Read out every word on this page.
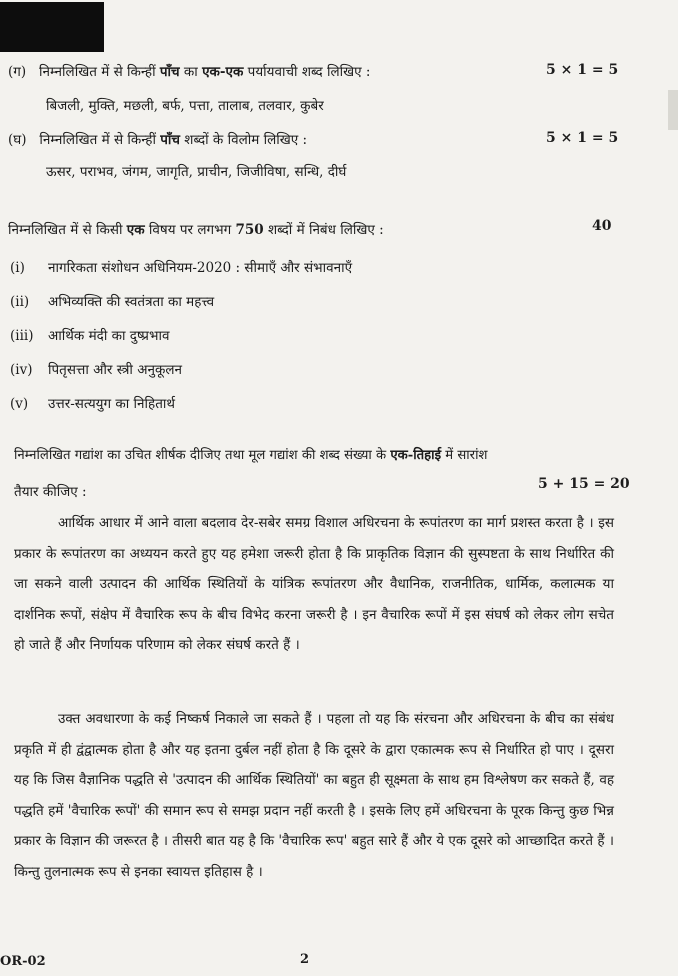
(ग) निम्नलिखित में से किन्हीं पाँच का एक-एक पर्यायवाची शब्द लिखिए :	5 × 1 = 5
बिजली, मुक्ति, मछली, बर्फ, पत्ता, तालाब, तलवार, कुबेर
(घ) निम्नलिखित में से किन्हीं पाँच शब्दों के विलोम लिखिए :	5 × 1 = 5
ऊसर, पराभव, जंगम, जागृति, प्राचीन, जिजीविषा, सन्धि, दीर्घ
निम्नलिखित में से किसी एक विषय पर लगभग 750 शब्दों में निबंध लिखिए :	40
(i) नागरिकता संशोधन अधिनियम-2020 : सीमाएँ और संभावनाएँ
(ii) अभिव्यक्ति की स्वतंत्रता का महत्त्व
(iii) आर्थिक मंदी का दुष्प्रभाव
(iv) पितृसत्ता और स्त्री अनुकूलन
(v) उत्तर-सत्ययुग का निहितार्थ
निम्नलिखित गद्यांश का उचित शीर्षक दीजिए तथा मूल गद्यांश की शब्द संख्या के एक-तिहाई में सारांश
तैयार कीजिए :	5 + 15 = 20

आर्थिक आधार में आने वाला बदलाव देर-सबेर समग्र विशाल अधिरचना के रूपांतरण का मार्ग प्रशस्त करता है । इस प्रकार के रूपांतरण का अध्ययन करते हुए यह हमेशा जरूरी होता है कि प्राकृतिक विज्ञान की सुस्पष्टता के साथ निर्धारित की जा सकने वाली उत्पादन की आर्थिक स्थितियों के यांत्रिक रूपांतरण और वैधानिक, राजनीतिक, धार्मिक, कलात्मक या दार्शनिक रूपों, संक्षेप में वैचारिक रूप के बीच विभेद करना जरूरी है । इन वैचारिक रूपों में इस संघर्ष को लेकर लोग सचेत हो जाते हैं और निर्णायक परिणाम को लेकर संघर्ष करते हैं ।

उक्त अवधारणा के कई निष्कर्ष निकाले जा सकते हैं । पहला तो यह कि संरचना और अधिरचना के बीच का संबंध प्रकृति में ही द्वंद्वात्मक होता है और यह इतना दुर्बल नहीं होता है कि दूसरे के द्वारा एकात्मक रूप से निर्धारित हो पाए । दूसरा यह कि जिस वैज्ञानिक पद्धति से 'उत्पादन की आर्थिक स्थितियों' का बहुत ही सूक्ष्मता के साथ हम विश्लेषण कर सकते हैं, वह पद्धति हमें 'वैचारिक रूपों' की समान रूप से समझ प्रदान नहीं करती है । इसके लिए हमें अधिरचना के पूरक किन्तु कुछ भिन्न प्रकार के विज्ञान की जरूरत है । तीसरी बात यह है कि 'वैचारिक रूप' बहुत सारे हैं और ये एक दूसरे को आच्छादित करते हैं । किन्तु तुलनात्मक रूप से इनका स्वायत्त इतिहास है ।

OR-02	2
